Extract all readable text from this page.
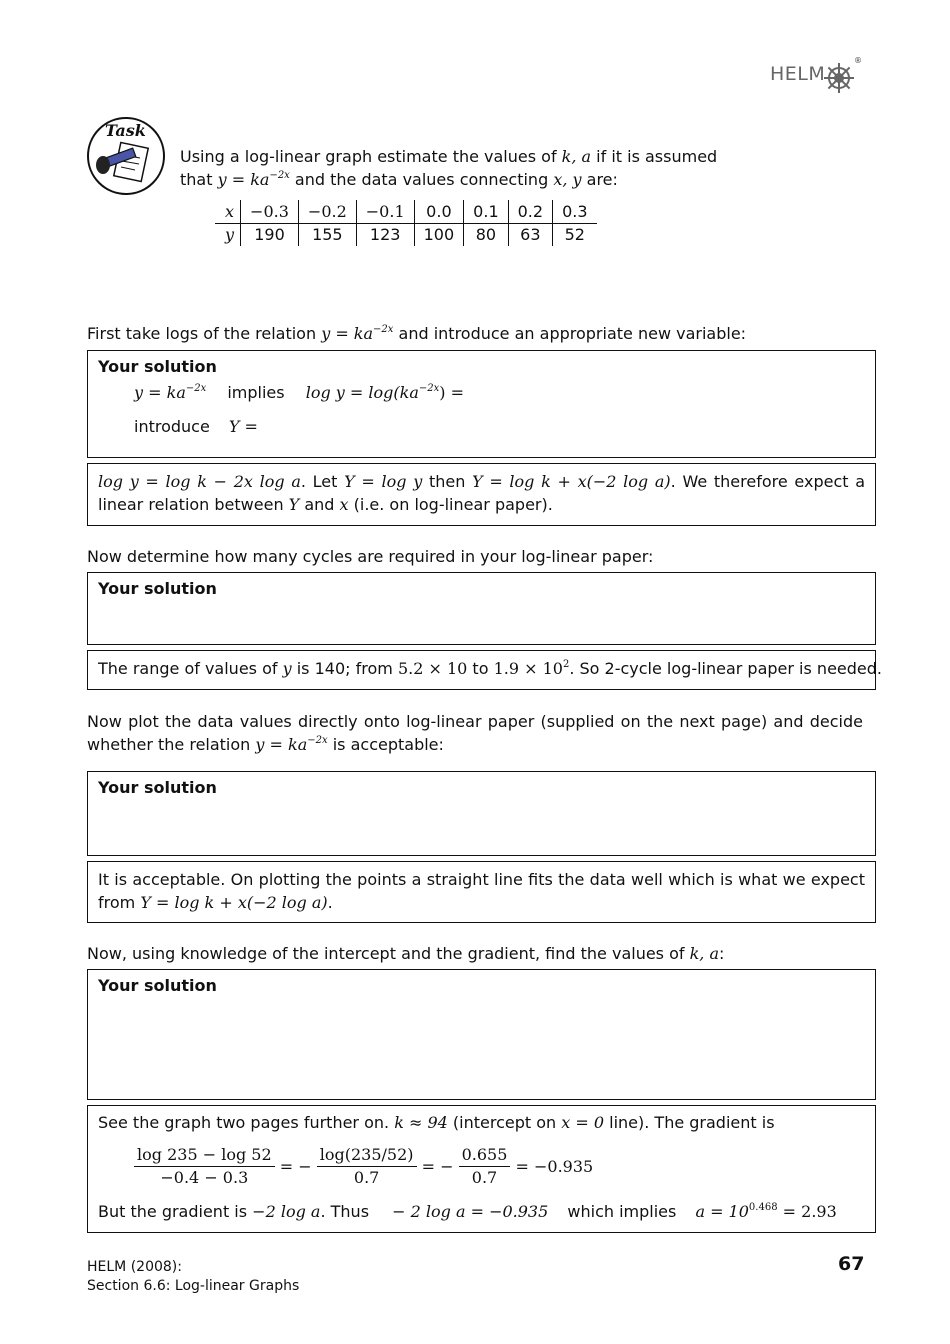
HELM
®
Task
Using a log-linear graph estimate the values of k, a if it is assumed
that $y = ka^{-2x}$ and the data values connecting x, y are:
x	−0.3	−0.2	−0.1	0.0	0.1	0.2	0.3
y	190	155	123	100	80	63	52
First take logs of the relation $y = ka^{-2x}$ and introduce an appropriate new variable:
Your solution
$y = ka^{-2x}$ implies $\log y = \log(ka^{-2x})$ =
introduce Y =
log y = log k − 2x log a. Let Y = log y then Y = log k + x(−2 log a). We therefore expect a linear relation between Y and x (i.e. on log-linear paper).
Now determine how many cycles are required in your log-linear paper:
Your solution
The range of values of y is 140; from 5.2 × 10 to $1.9 \times 10^2$. So 2-cycle log-linear paper is needed.
Now plot the data values directly onto log-linear paper (supplied on the next page) and decide whether the relation $y = ka^{-2x}$ is acceptable:
Your solution
It is acceptable. On plotting the points a straight line fits the data well which is what we expect from Y = log k + x(−2 log a).
Now, using knowledge of the intercept and the gradient, find the values of k, a:
Your solution
See the graph two pages further on. k ≈ 94 (intercept on x = 0 line). The gradient is
$\frac{\log 235 - \log 52}{-0.4 - 0.3}$ = − $\frac{\log(235/52)}{0.7}$ = − $\frac{0.655}{0.7} = -0.935$
But the gradient is −2 log a. Thus − 2 log a = −0.935 which implies $a = 10^{0.468} = 2.93$
HELM (2008):
Section 6.6: Log-linear Graphs
67
